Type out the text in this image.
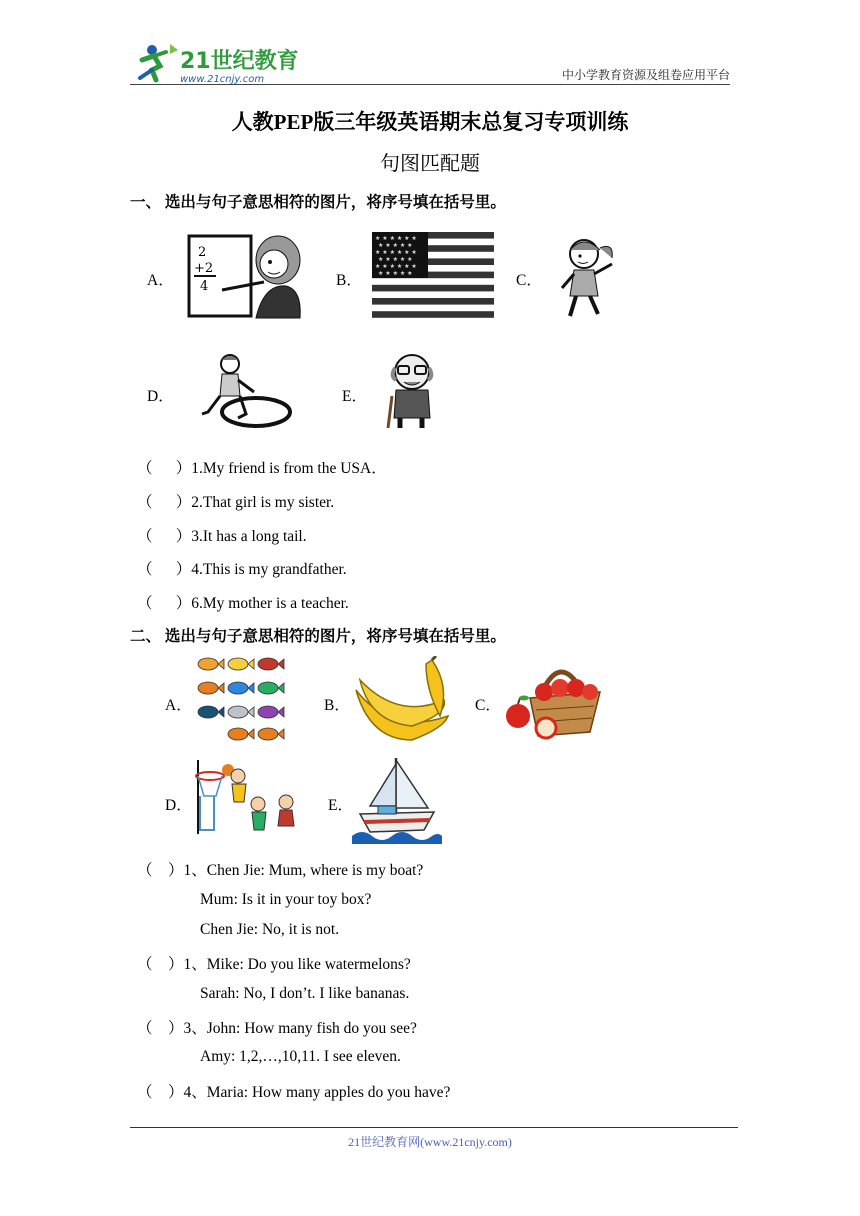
21世纪教育
www.21cnjy.com	中小学教育资源及组卷应用平台
人教PEP版三年级英语期末总复习专项训练
句图匹配题
一、 选出与句子意思相符的图片，将序号填在括号里。
A．
2
+2
4	B．
★ ★ ★ ★ ★ ★
★ ★ ★ ★ ★
★ ★ ★ ★ ★ ★
★ ★ ★ ★ ★
★ ★ ★ ★ ★ ★
★ ★ ★ ★ ★	C．
D．	E．
（      ）1.My friend is from the USA．
（      ）2.That girl is my sister.
（      ）3.It has a long tail.
（      ）4.This is my grandfather.
（      ）6.My mother is a teacher.
二、 选出与句子意思相符的图片，将序号填在括号里。
A．	B．	C．
D．	E．
（    ）1、Chen Jie: Mum, where is my boat?
Mum: Is it in your toy box?
Chen Jie: No, it is not.
（    ）1、Mike: Do you like watermelons?
Sarah: No, I don’t. I like bananas.
（    ）3、John: How many fish do you see?
Amy: 1,2,…,10,11. I see eleven.
（    ）4、Maria: How many apples do you have?
21世纪教育网(www.21cnjy.com)
